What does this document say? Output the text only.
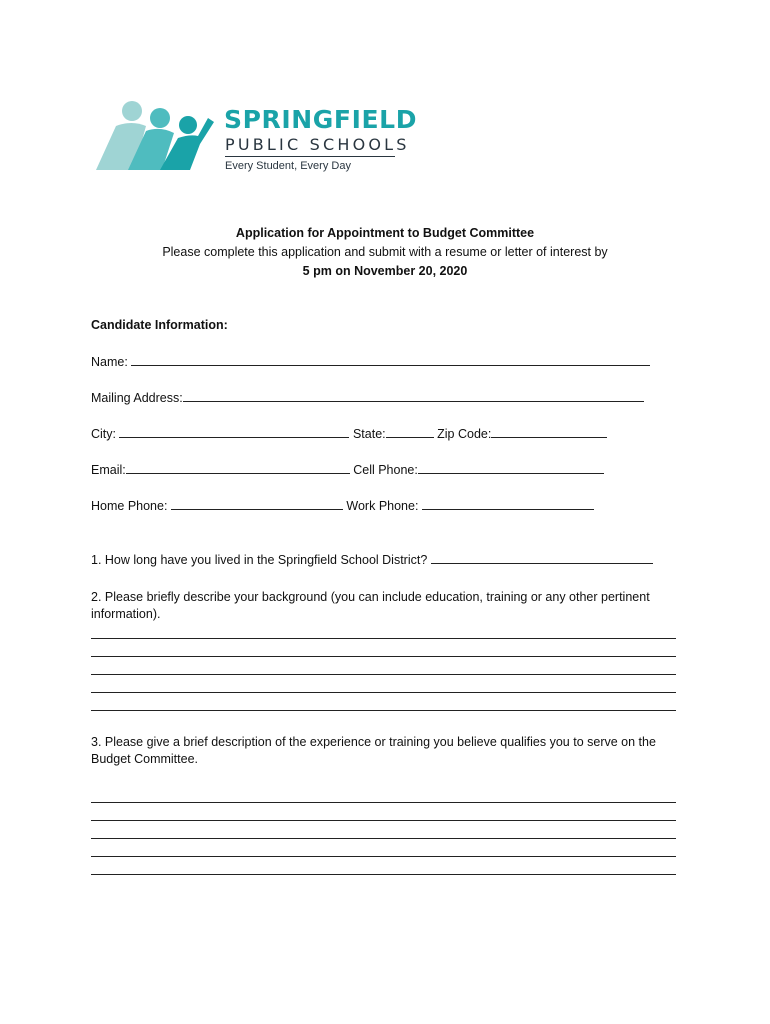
SPRINGFIELD
PUBLIC SCHOOLS
Every Student, Every Day
Application for Appointment to Budget Committee
Please complete this application and submit with a resume or letter of interest by
5 pm on November 20, 2020
Candidate Information:
Name:
Mailing Address:
City:	State:	Zip Code:
Email:	Cell Phone:
Home Phone:	Work Phone:
1. How long have you lived in the Springfield School District?
2. Please briefly describe your background (you can include education, training or any other pertinent information).
3. Please give a brief description of the experience or training you believe qualifies you to serve on the Budget Committee.
